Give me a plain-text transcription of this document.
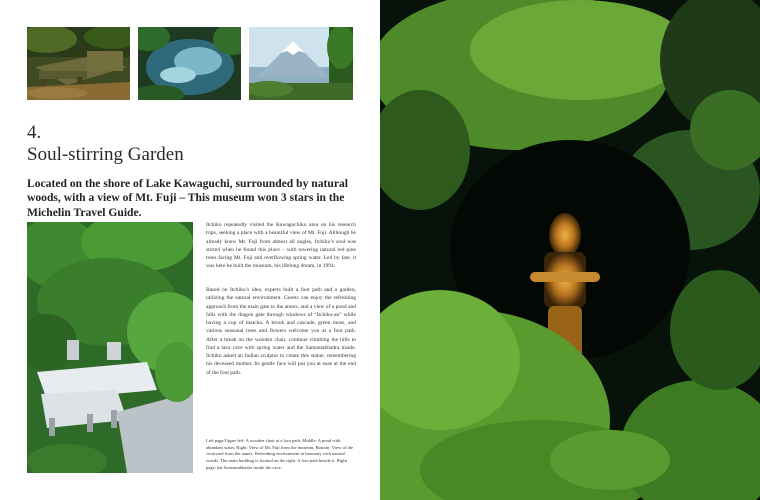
4.
Soul-stirring Garden

Located on the shore of Lake Kawaguchi, surrounded by natural woods, with a view of Mt. Fuji – This museum won 3 stars in the Michelin Travel Guide.

Itchiku repeatedly visited the Kawaguchiko area on his research trips, seeking a place with a beautiful view of Mt. Fuji. Although he already knew Mt. Fuji from almost all angles, Itchiku’s soul was stirred when he found this place – with towering natural red pine trees facing Mt. Fuji and overflowing spring water. Led by fate, it was here he built the museum, his lifelong dream, in 1994.

Based on Itchiku’s idea, experts built a foot path and a garden, utilizing the natural environment. Guests can enjoy the refreshing approach from the main gate to the annex, and a view of a pond and falls with the dragon gate through windows of “Itchiku-an” while having a cup of matcha. A brook and cascade, green moss, and various seasonal trees and flowers welcome you at a foot path. After a break on the wooden chair, continue climbing the hills to find a lava cave with spring water and the Samantabhadra inside. Itchiku asked an Indian sculptor to create this statue, remembering his deceased mother. Its gentle face will put you at ease at the end of the foot path.

Left page/Upper left: A wooden chair at a foot path, Middle: A pond with abundant water, Right: View of Mt. Fuji from the museum, Bottom: View of the courtyard from the annex. Refreshing environment in harmony with natural woods. The main building is located on the right. A foot path beside it. Right page: the Samantabhadra inside the cave.
